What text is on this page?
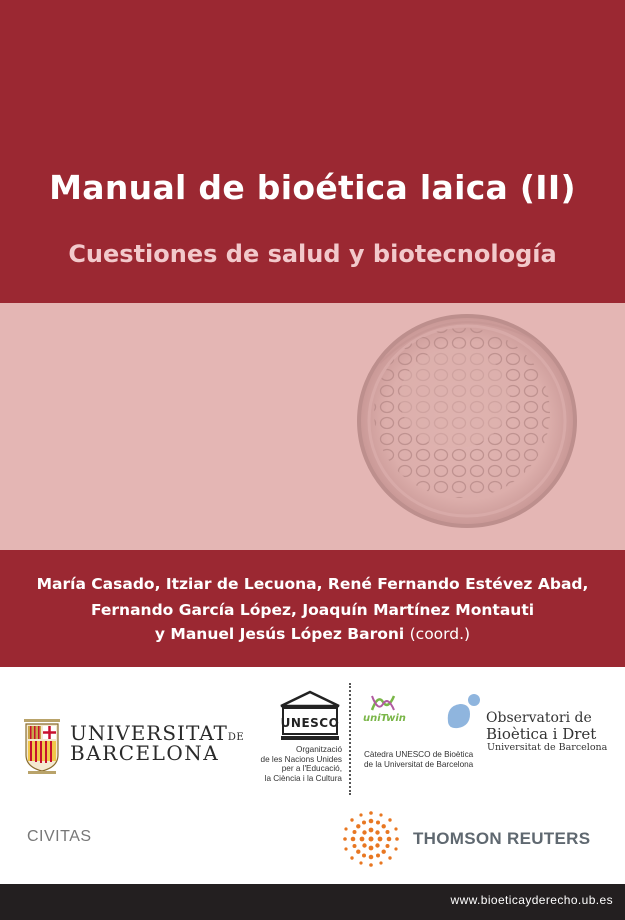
Manual de bioética laica (II)
Cuestiones de salud y biotecnología
María Casado, Itziar de Lecuona, René Fernando Estévez Abad,
Fernando García López, Joaquín Martínez Montauti
y Manuel Jesús López Baroni (coord.)
UNIVERSITATDE
BARCELONA
UNESCO
Organització
de les Nacions Unides
per a l'Educació,
la Ciència i la Cultura
uniTwin
Càtedra UNESCO de Bioètica
de la Universitat de Barcelona
Observatori de
Bioètica i Dret
Universitat de Barcelona
CIVITAS	THOMSON REUTERS
www.bioeticayderecho.ub.es
